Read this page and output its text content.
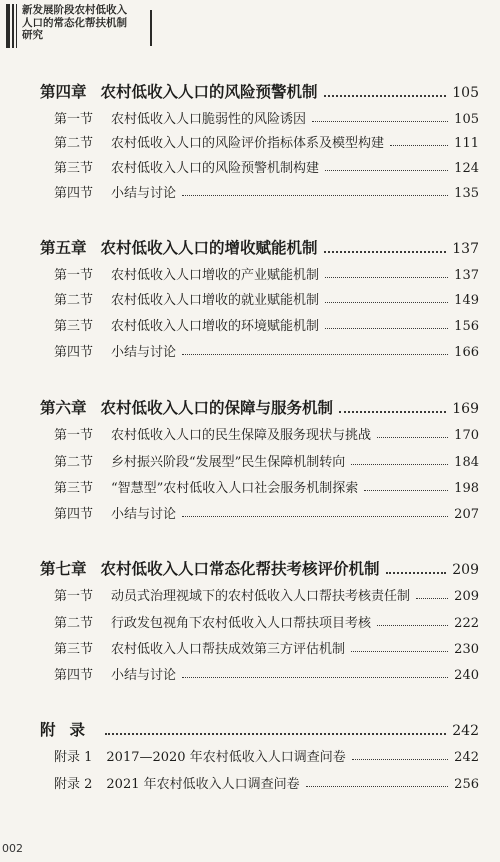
新发展阶段农村低收入
人口的常态化帮扶机制
研究
第四章 农村低收入人口的风险预警机制	105
第一节 农村低收入人口脆弱性的风险诱因	105
第二节 农村低收入人口的风险评价指标体系及模型构建	111
第三节 农村低收入人口的风险预警机制构建	124
第四节 小结与讨论	135
第五章 农村低收入人口的增收赋能机制	137
第一节 农村低收入人口增收的产业赋能机制	137
第二节 农村低收入人口增收的就业赋能机制	149
第三节 农村低收入人口增收的环境赋能机制	156
第四节 小结与讨论	166
第六章 农村低收入人口的保障与服务机制	169
第一节 农村低收入人口的民生保障及服务现状与挑战	170
第二节 乡村振兴阶段“发展型”民生保障机制转向	184
第三节 “智慧型”农村低收入人口社会服务机制探索	198
第四节 小结与讨论	207
第七章 农村低收入人口常态化帮扶考核评价机制	209
第一节 动员式治理视域下的农村低收入人口帮扶考核责任制	209
第二节 行政发包视角下农村低收入人口帮扶项目考核	222
第三节 农村低收入人口帮扶成效第三方评估机制	230
第四节 小结与讨论	240
附录	242
附录 1 2017—2020 年农村低收入人口调查问卷	242
附录 2 2021 年农村低收入人口调查问卷	256
002
